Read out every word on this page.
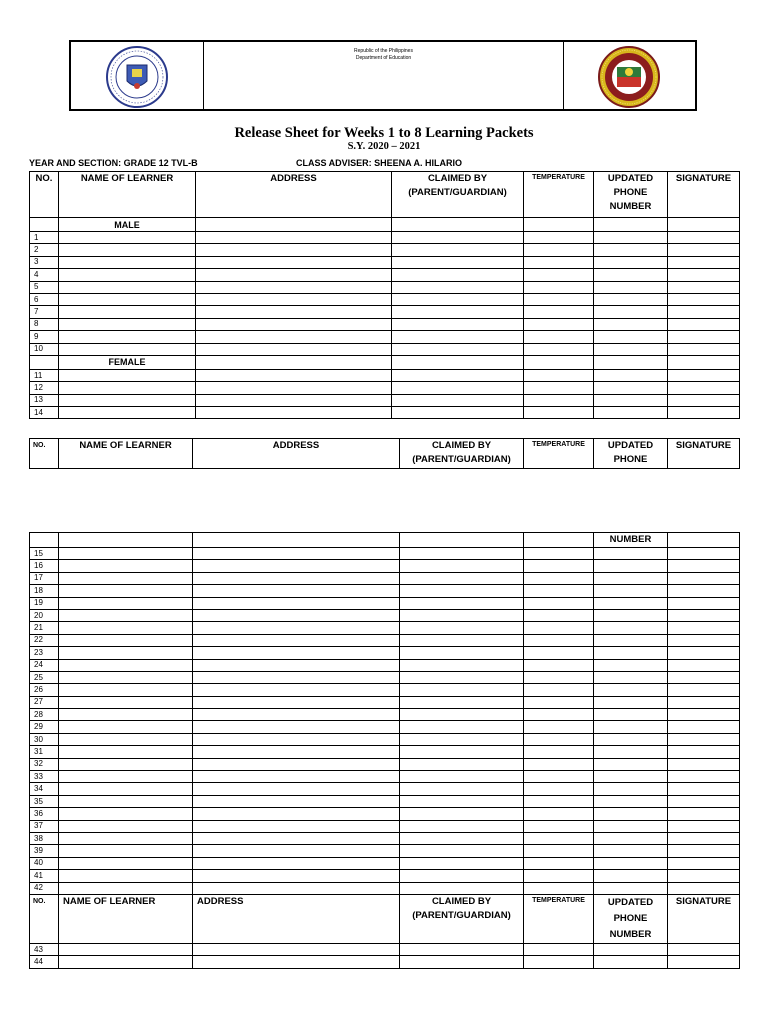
Republic of the Philippines
Department of Education
Release Sheet for Weeks 1 to 8 Learning Packets
S.Y. 2020 – 2021
YEAR AND SECTION: GRADE 12 TVL-B	CLASS ADVISER: SHEENA A. HILARIO
NO.	NAME OF LEARNER	ADDRESS	CLAIMED BY (PARENT/GUARDIAN)	TEMPERATURE	UPDATED PHONE NUMBER	SIGNATURE
	MALE					
1						
2						
3						
4						
5						
6						
7						
8						
9						
10						
	FEMALE					
11						
12						
13						
14						
NO.	NAME OF LEARNER	ADDRESS	CLAIMED BY (PARENT/GUARDIAN)	TEMPERATURE	UPDATED PHONE	SIGNATURE
					NUMBER	
15						
16						
17						
18						
19						
20						
21						
22						
23						
24						
25						
26						
27						
28						
29						
30						
31						
32						
33						
34						
35						
36						
37						
38						
39						
40						
41						
42						
NO.	NAME OF LEARNER	ADDRESS	CLAIMED BY (PARENT/GUARDIAN)	TEMPERATURE	UPDATED PHONE NUMBER	SIGNATURE
43						
44						
